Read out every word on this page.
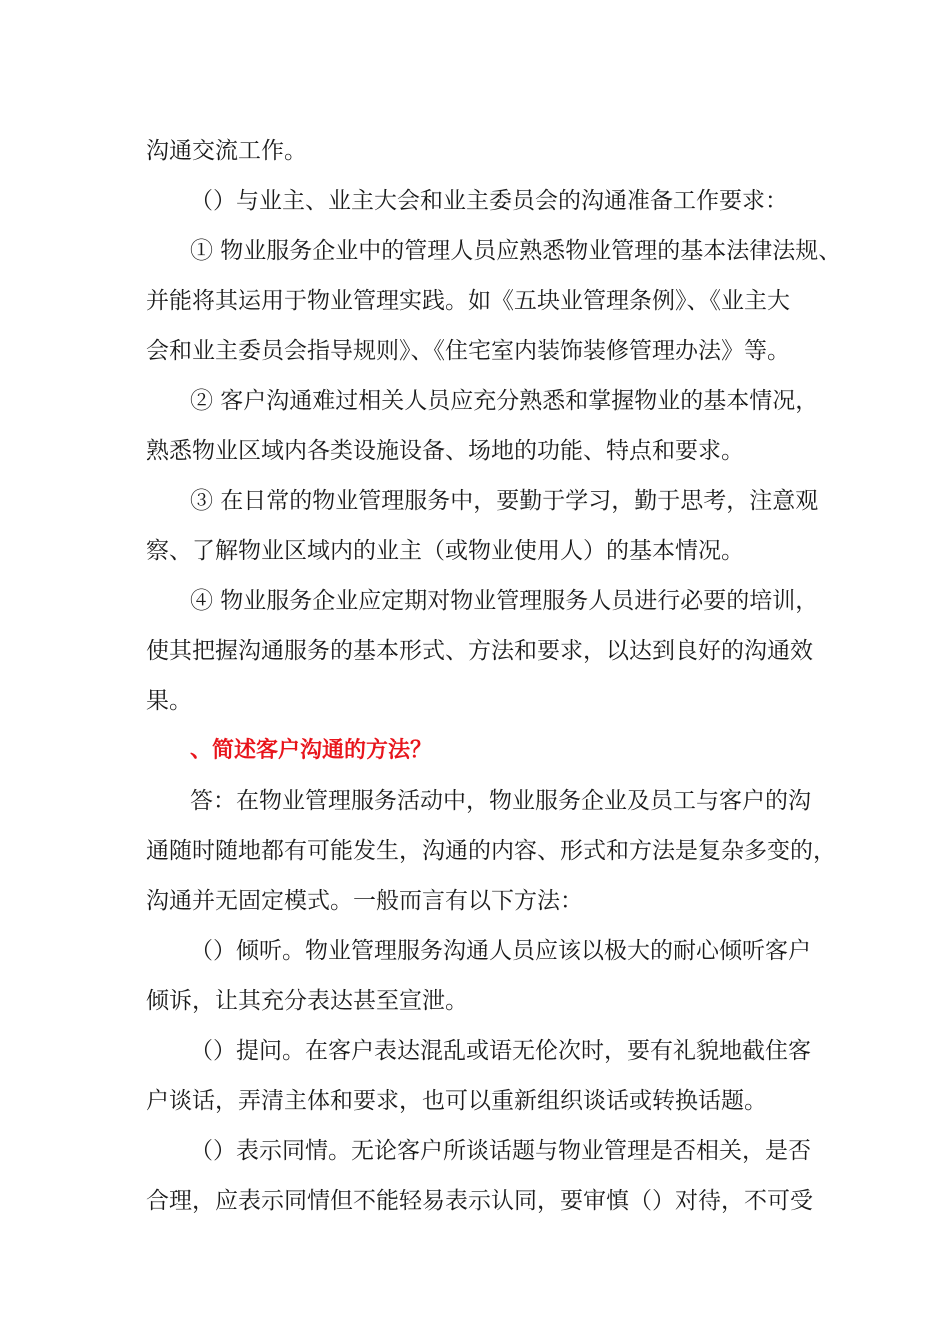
沟通交流工作。
（）与业主、业主大会和业主委员会的沟通准备工作要求：
① 物业服务企业中的管理人员应熟悉物业管理的基本法律法规、
并能将其运用于物业管理实践。如《五块业管理条例》、《业主大
会和业主委员会指导规则》、《住宅室内装饰装修管理办法》等。
② 客户沟通难过相关人员应充分熟悉和掌握物业的基本情况，
熟悉物业区域内各类设施设备、场地的功能、特点和要求。
③ 在日常的物业管理服务中，要勤于学习，勤于思考，注意观
察、了解物业区域内的业主（或物业使用人）的基本情况。
④ 物业服务企业应定期对物业管理服务人员进行必要的培训，
使其把握沟通服务的基本形式、方法和要求，以达到良好的沟通效
果。
、简述客户沟通的方法？
答：在物业管理服务活动中，物业服务企业及员工与客户的沟
通随时随地都有可能发生，沟通的内容、形式和方法是复杂多变的，
沟通并无固定模式。一般而言有以下方法：
（）倾听。物业管理服务沟通人员应该以极大的耐心倾听客户
倾诉，让其充分表达甚至宣泄。
（）提问。在客户表达混乱或语无伦次时，要有礼貌地截住客
户谈话，弄清主体和要求，也可以重新组织谈话或转换话题。
（）表示同情。无论客户所谈话题与物业管理是否相关，是否
合理，应表示同情但不能轻易表示认同，要审慎（）对待，不可受
